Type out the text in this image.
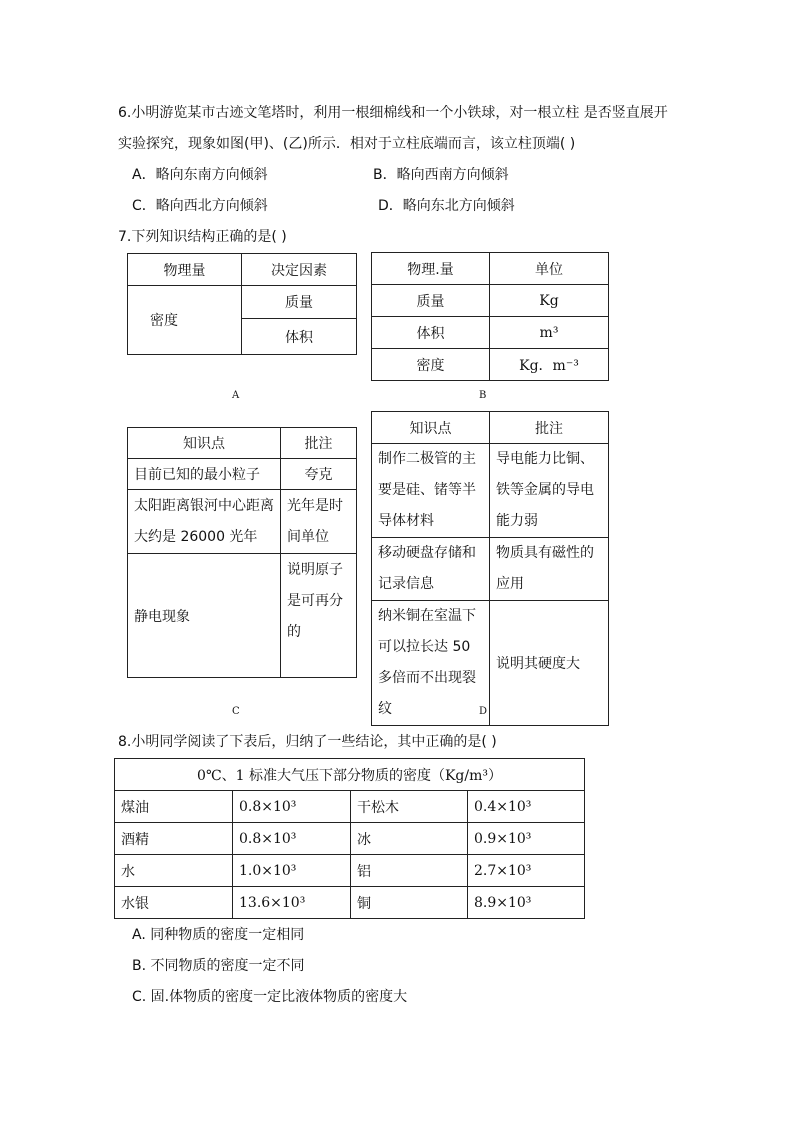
6.小明游览某市古迹文笔塔时，利用一根细棉线和一个小铁球，对一根立柱 是否竖直展开
实验探究，现象如图(甲)、(乙)所示．相对于立柱底端而言，该立柱顶端( )
A．略向东南方向倾斜	B．略向西南方向倾斜
C．略向西北方向倾斜	D．略向东北方向倾斜
7.下列知识结构正确的是( )
物理量	决定因素
密度	质量
	体积
A
物理.量	单位
质量	Kg
体积	m³
密度	Kg．m⁻³
B
知识点	批注
目前已知的最小粒子	夸克
太阳距离银河中心距离大约是 26000 光年	光年是时间单位
静电现象	说明原子是可再分的
C
知识点	批注
制作二极管的主要是硅、锗等半导体材料	导电能力比铜、铁等金属的导电能力弱
移动硬盘存储和记录信息	物质具有磁性的应用
纳米铜在室温下可以拉长达 50 多倍而不出现裂纹	说明其硬度大
D
8.小明同学阅读了下表后，归纳了一些结论，其中正确的是( )
0℃、1 标准大气压下部分物质的密度（Kg/m³）			
煤油	0.8×10³	干松木	0.4×10³
酒精	0.8×10³	冰	0.9×10³
水	1.0×10³	铝	2.7×10³
水银	13.6×10³	铜	8.9×10³
A. 同种物质的密度一定相同
B. 不同物质的密度一定不同
C. 固.体物质的密度一定比液体物质的密度大
